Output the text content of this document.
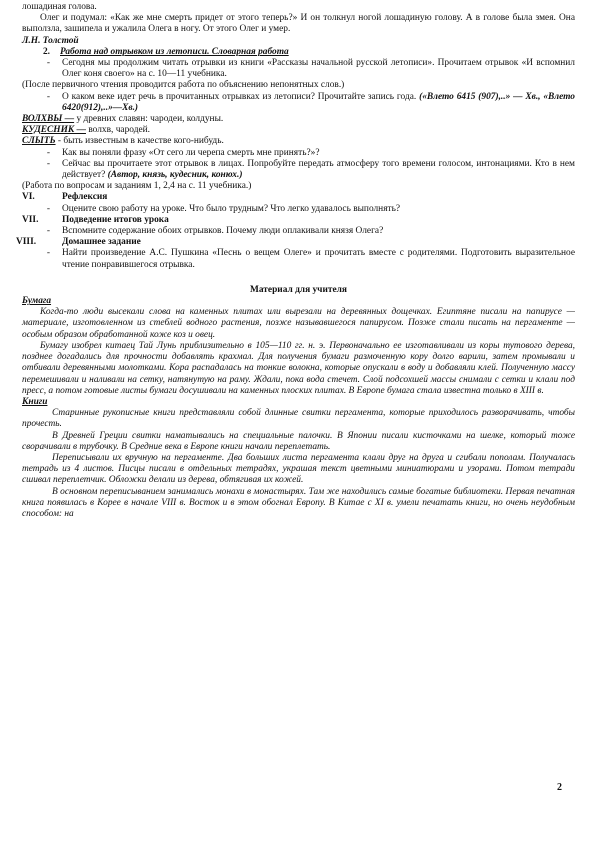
лошадиная голова.

Олег и подумал: «Как же мне смерть придет от этого теперь?» И он толкнул ногой лошадиную голову. А в голове была змея. Она выползла, зашипела и ужалила Олега в ногу. От этого Олег и умер.

Л.Н. Толстой

2.	Работа над отрывком из летописи. Словарная работа
-	Сегодня мы продолжим читать отрывки из книги «Рассказы начальной русской летописи». Прочитаем отрывок «И вспомнил Олег коня своего» на с. 10—11 учебника.

(После первичного чтения проводится работа по объяснению непонятных слов.)

-	О каком веке идет речь в прочитанных отрывках из летописи? Прочитайте запись года. («Влето 6415 (907),..» — Хв., «Влето 6420(912),..»—Хв.)

ВОЛХВЫ — у древних славян: чародеи, колдуны.

КУДЕСНИК — волхв, чародей.

СЛЫТЬ - быть известным в качестве кого-нибудь.

-	Как вы поняли фразу «От сего ли черепа смерть мне принять?»?
-	Сейчас вы прочитаете этот отрывок в лицах. Попробуйте передать атмосферу того времени голосом, интонациями. Кто в нем действует? (Автор, князь, кудесник, конюх.)

(Работа по вопросам и заданиям 1, 2,4 на с. 11 учебника.)

VI.	Рефлексия
-	Оцените свою работу на уроке. Что было трудным? Что легко удавалось выполнять?
VII.	Подведение итогов урока
-	Вспомните содержание обоих отрывков. Почему люди оплакивали князя Олега?
VIII.	Домашнее задание
-	Найти произведение А.С. Пушкина «Песнь о вещем Олеге» и прочитать вместе с родителями. Подготовить выразительное чтение понравившегося отрывка.

Материал для учителя

Бумага

Когда-то люди высекали слова на каменных плитах или вырезали на деревянных дощечках. Египтяне писали на папирусе — материале, изготовленном из стеблей водного растения, позже называвшегося папирусом. Позже стали писать на пергаменте — особым образом обработанной коже коз и овец.

Бумагу изобрел китаец Тай Лунь приблизительно в 105—110 гг. н. э. Первоначально ее изготавливали из коры тутового дерева, позднее догадались для прочности добавлять крахмал. Для получения бумаги размоченную кору долго варили, затем промывали и отбивали деревянными молотками. Кора распадалась на тонкие волокна, которые опускали в воду и добавляли клей. Полученную массу перемешивали и наливали на сетку, натянутую на раму. Ждали, пока вода стечет. Слой подсохшей массы снимали с сетки и клали под пресс, а потом готовые листы бумаги досушивали на каменных плоских плитах. В Европе бумага стала известна только в XIII в.

Книги

Старинные рукописные книги представляли собой длинные свитки пергамента, которые приходилось разворачивать, чтобы прочесть.

В Древней Греции свитки наматывались на специальные палочки. В Японии писали кисточками на шелке, который тоже сворачивали в трубочку. В Средние века в Европе книги начали переплетать.

Переписывали их вручную на пергаменте. Два больших листа пергамента клали друг на друга и сгибали пополам. Получалась тетрадь из 4 листов. Писцы писали в отдельных тетрадях, украшая текст цветными миниатюрами и узорами. Потом тетради сшивал переплетчик. Обложки делали из дерева, обтягивая их кожей.

В основном переписыванием занимались монахи в монастырях. Там же находились самые богатые библиотеки. Первая печатная книга появилась в Корее в начале VIII в. Восток и в этом обогнал Европу. В Китае с XI в. умели печатать книги, но очень неудобным способом: на

2
